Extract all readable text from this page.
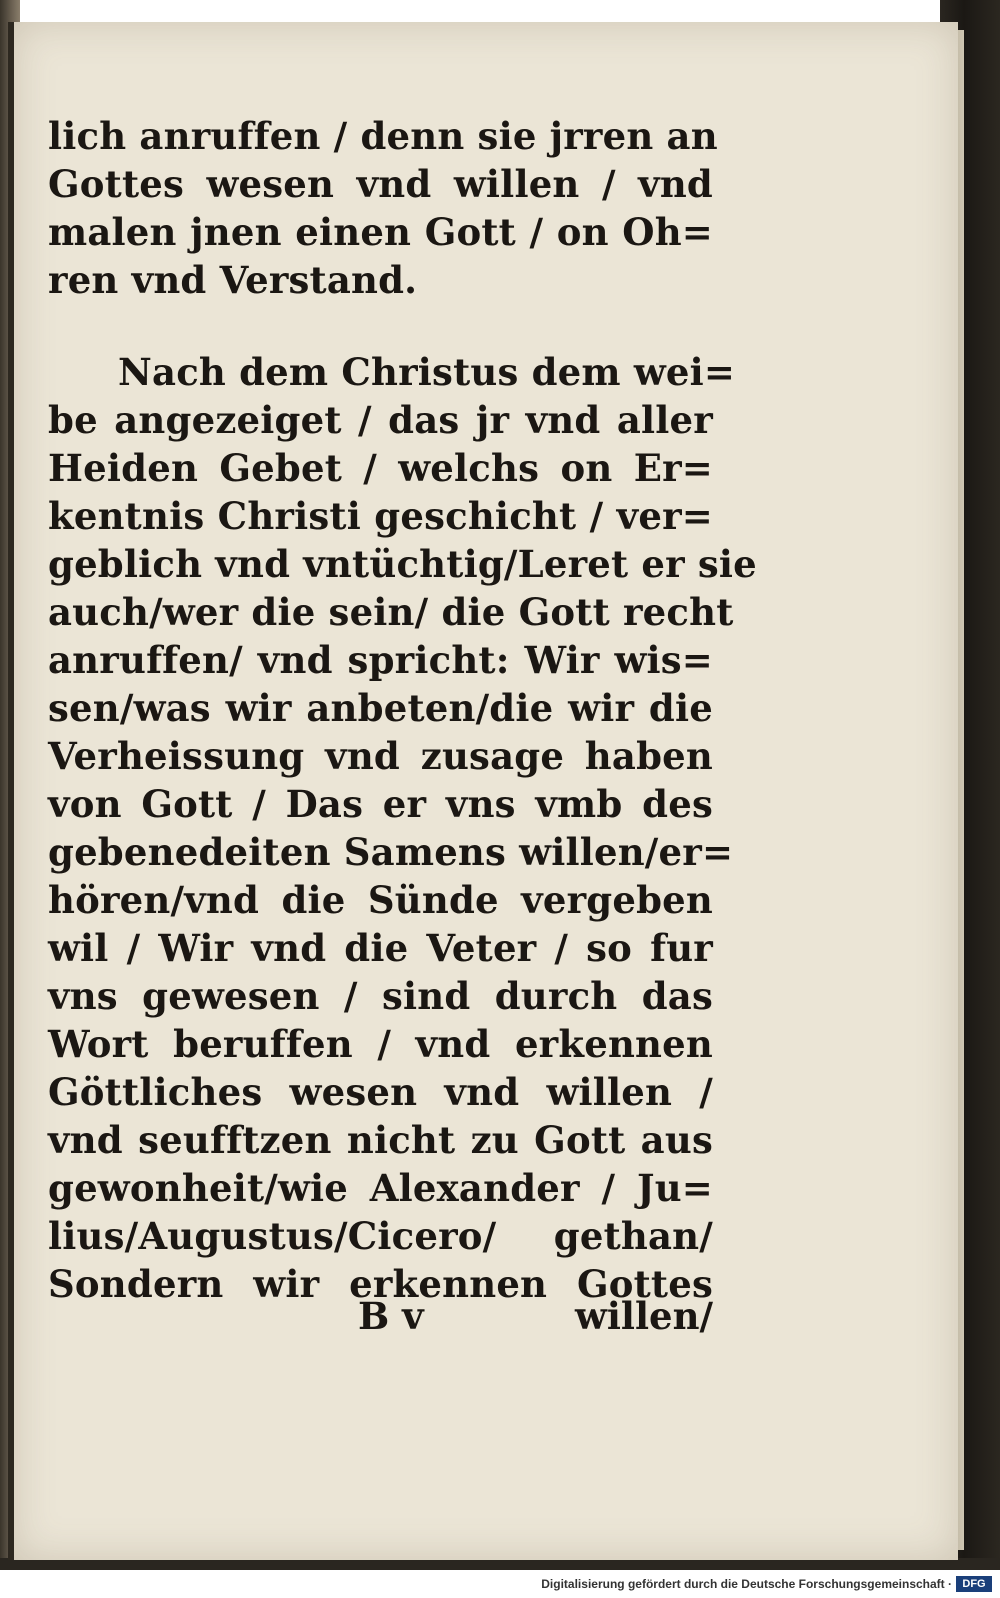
lich anruffen / denn sie jrren an
Gottes wesen vnd willen / vnd
malen jnen einen Gott / on Oh=
ren vnd Verstand.
Nach dem Christus dem wei=
be angezeiget / das jr vnd aller
Heiden Gebet / welchs on Er=
kentnis Christi geschicht / ver=
geblich vnd vntüchtig/Leret er sie
auch/wer die sein/ die Gott recht
anruffen/ vnd spricht: Wir wis=
sen/was wir anbeten/die wir die
Verheissung vnd zusage haben
von Gott / Das er vns vmb des
gebenedeiten Samens willen/er=
hören/vnd die Sünde vergeben
wil / Wir vnd die Veter / so fur
vns gewesen / sind durch das
Wort beruffen / vnd erkennen
Göttliches wesen vnd willen /
vnd seufftzen nicht zu Gott aus
gewonheit/wie Alexander / Ju=
lius/Augustus/Cicero/ gethan/
Sondern wir erkennen Gottes
B v	willen/
Digitalisierung gefördert durch die Deutsche Forschungsgemeinschaft · DFG
